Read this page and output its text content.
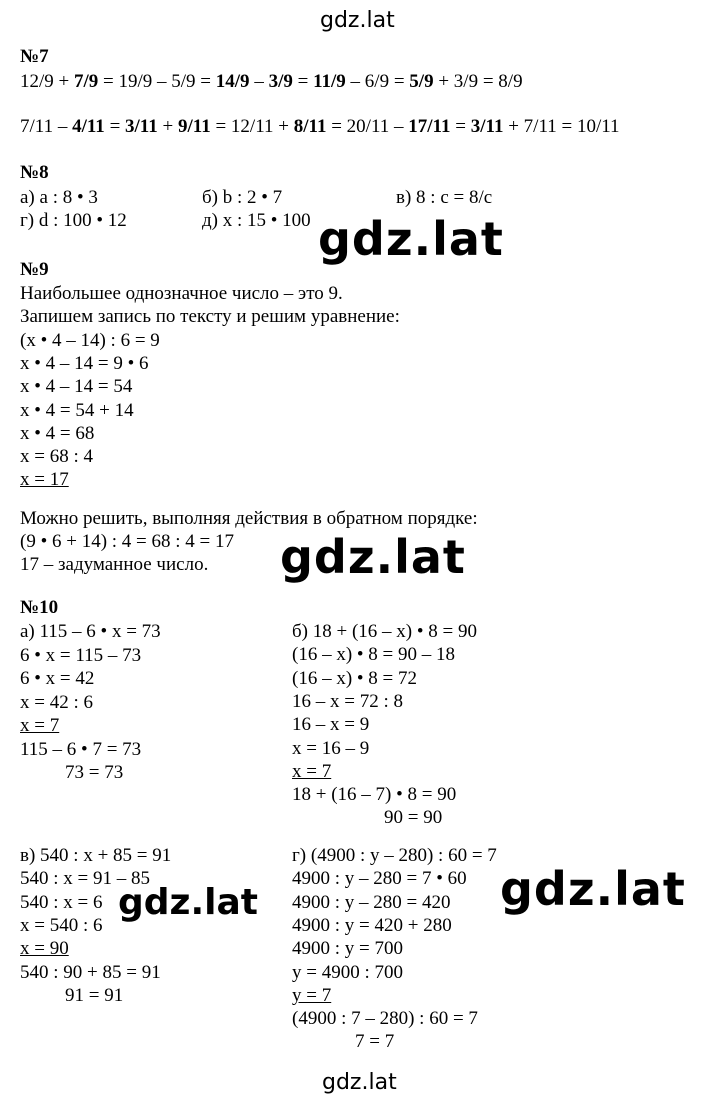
gdz.lat
gdz.lat
gdz.lat
gdz.lat	gdz.lat
gdz.lat
№7
12/9 + 7/9 = 19/9 – 5/9 = 14/9 – 3/9 = 11/9 – 6/9 = 5/9 + 3/9 = 8/9
7/11 – 4/11 = 3/11 + 9/11 = 12/11 + 8/11 = 20/11 – 17/11 = 3/11 + 7/11 = 10/11
№8
а) a : 8 • 3	б) b : 2 • 7	в) 8 : c = 8/c
г) d : 100 • 12	д) x : 15 • 100
№9
Наибольшее однозначное число – это 9.
Запишем запись по тексту и решим уравнение:
(x • 4 – 14) : 6 = 9
x • 4 – 14 = 9 • 6
x • 4 – 14 = 54
x • 4 = 54 + 14
x • 4 = 68
x = 68 : 4
x = 17
Можно решить, выполняя действия в обратном порядке:
(9 • 6 + 14) : 4 = 68 : 4 = 17
17 – задуманное число.
№10
а) 115 – 6 • x = 73
6 • x = 115 – 73
6 • x = 42
x = 42 : 6
x = 7
115 – 6 • 7 = 73
73 = 73
б) 18 + (16 – x) • 8 = 90
(16 – x) • 8 = 90 – 18
(16 – x) • 8 = 72
16 – x = 72 : 8
16 – x = 9
x = 16 – 9
x = 7
18 + (16 – 7) • 8 = 90
90 = 90
в) 540 : x + 85 = 91
540 : x = 91 – 85
540 : x = 6
x = 540 : 6
x = 90
540 : 90 + 85 = 91
91 = 91
г) (4900 : y – 280) : 60 = 7
4900 : y – 280 = 7 • 60
4900 : y – 280 = 420
4900 : y = 420 + 280
4900 : y = 700
y = 4900 : 700
y = 7
(4900 : 7 – 280) : 60 = 7
7 = 7
